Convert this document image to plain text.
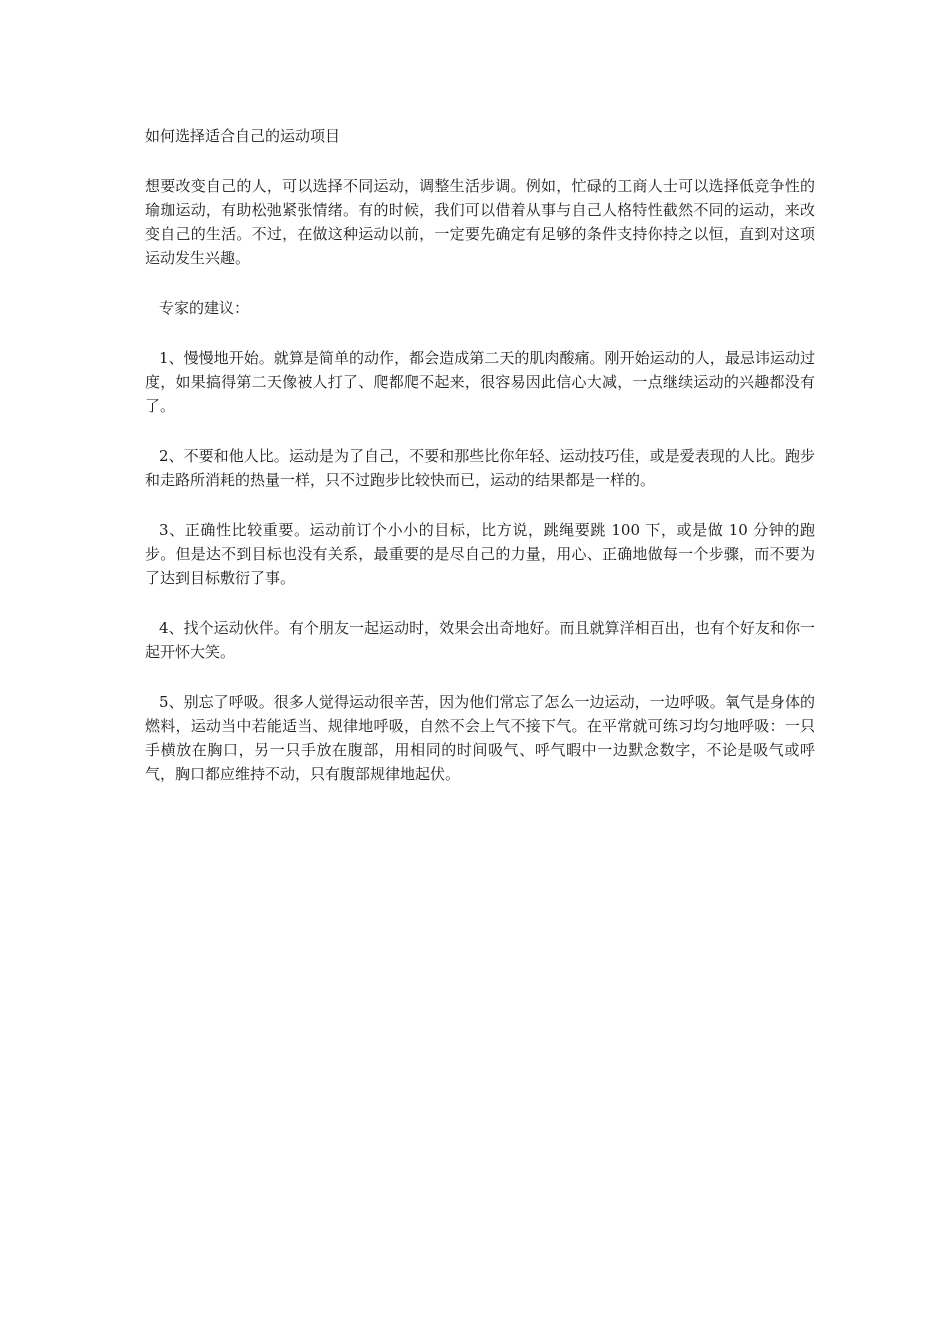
如何选择适合自己的运动项目

想要改变自己的人，可以选择不同运动，调整生活步调。例如，忙碌的工商人士可以选择低竞争性的瑜珈运动，有助松弛紧张情绪。有的时候，我们可以借着从事与自己人格特性截然不同的运动，来改变自己的生活。不过，在做这种运动以前，一定要先确定有足够的条件支持你持之以恒，直到对这项运动发生兴趣。

专家的建议：

1、慢慢地开始。就算是简单的动作，都会造成第二天的肌肉酸痛。刚开始运动的人，最忌讳运动过度，如果搞得第二天像被人打了、爬都爬不起来，很容易因此信心大减，一点继续运动的兴趣都没有了。

2、不要和他人比。运动是为了自己，不要和那些比你年轻、运动技巧佳，或是爱表现的人比。跑步和走路所消耗的热量一样，只不过跑步比较快而已，运动的结果都是一样的。

3、正确性比较重要。运动前订个小小的目标，比方说，跳绳要跳 100 下，或是做 10 分钟的跑步。但是达不到目标也没有关系，最重要的是尽自己的力量，用心、正确地做每一个步骤，而不要为了达到目标敷衍了事。

4、找个运动伙伴。有个朋友一起运动时，效果会出奇地好。而且就算洋相百出，也有个好友和你一起开怀大笑。

5、别忘了呼吸。很多人觉得运动很辛苦，因为他们常忘了怎么一边运动，一边呼吸。氧气是身体的燃料，运动当中若能适当、规律地呼吸，自然不会上气不接下气。在平常就可练习均匀地呼吸：一只手横放在胸口，另一只手放在腹部，用相同的时间吸气、呼气暇中一边默念数字，不论是吸气或呼气，胸口都应维持不动，只有腹部规律地起伏。
